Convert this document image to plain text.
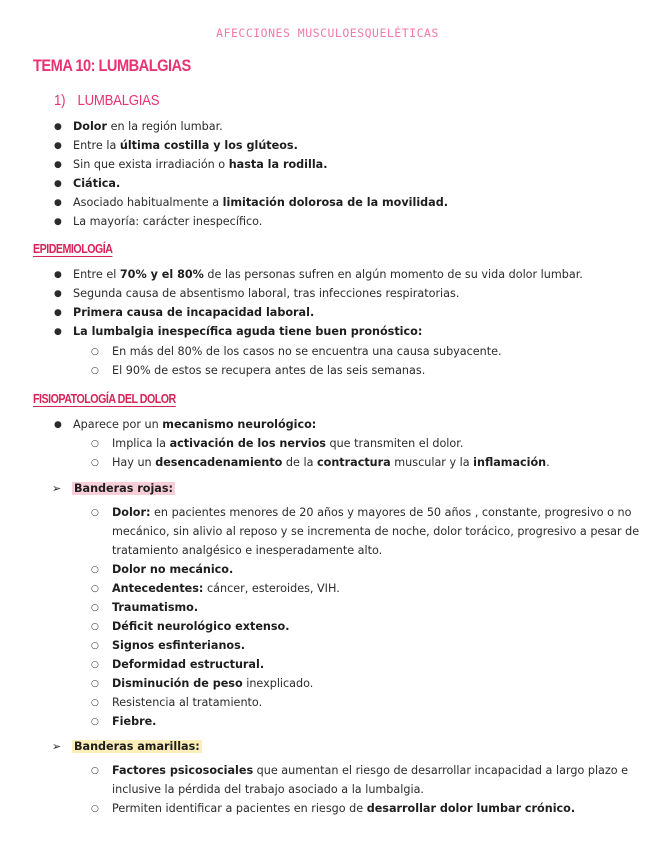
AFECCIONES MUSCULOESQUELÉTICAS
TEMA 10: LUMBALGIAS
1) LUMBALGIAS
●
Dolor en la región lumbar.
●
Entre la última costilla y los glúteos.
●
Sin que exista irradiación o hasta la rodilla.
●
Ciática.
●
Asociado habitualmente a limitación dolorosa de la movilidad.
●
La mayoría: carácter inespecífico.
EPIDEMIOLOGÍA
●
Entre el 70% y el 80% de las personas sufren en algún momento de su vida dolor lumbar.
●
Segunda causa de absentismo laboral, tras infecciones respiratorias.
●
Primera causa de incapacidad laboral.
●
La lumbalgia inespecífica aguda tiene buen pronóstico:
○
En más del 80% de los casos no se encuentra una causa subyacente.
○
El 90% de estos se recupera antes de las seis semanas.
FISIOPATOLOGÍA DEL DOLOR
●
Aparece por un mecanismo neurológico:
○
Implica la activación de los nervios que transmiten el dolor.
○
Hay un desencadenamiento de la contractura muscular y la inflamación.
➢
Banderas rojas:
○
Dolor: en pacientes menores de 20 años y mayores de 50 años , constante, progresivo o no
mecánico, sin alivio al reposo y se incrementa de noche, dolor torácico, progresivo a pesar de
tratamiento analgésico e inesperadamente alto.
○
Dolor no mecánico.
○
Antecedentes: cáncer, esteroides, VIH.
○
Traumatismo.
○
Déficit neurológico extenso.
○
Signos esfinterianos.
○
Deformidad estructural.
○
Disminución de peso inexplicado.
○
Resistencia al tratamiento.
○
Fiebre.
➢
Banderas amarillas:
○
Factores psicosociales que aumentan el riesgo de desarrollar incapacidad a largo plazo e
inclusive la pérdida del trabajo asociado a la lumbalgia.
○
Permiten identificar a pacientes en riesgo de desarrollar dolor lumbar crónico.
